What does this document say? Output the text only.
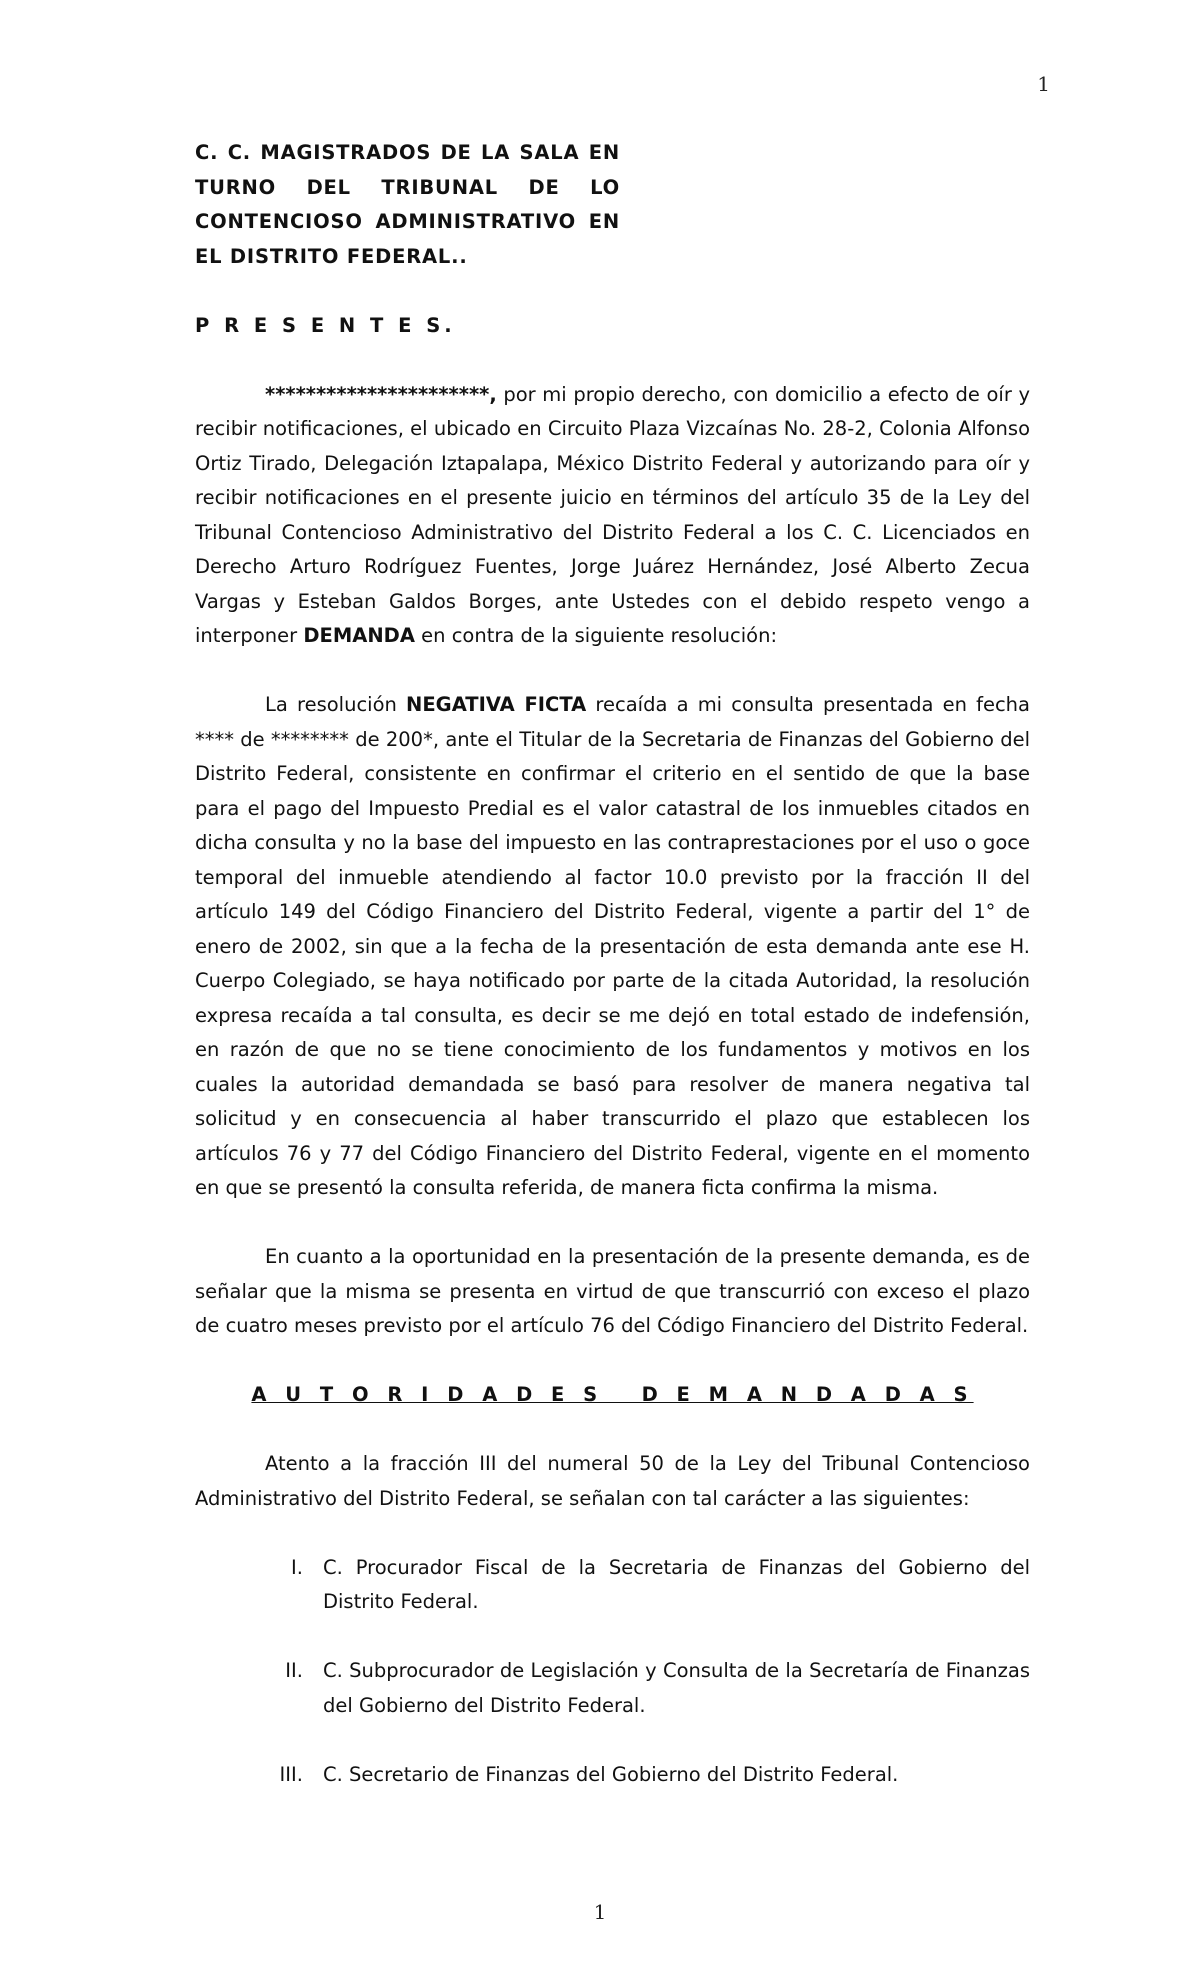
1
C. C. MAGISTRADOS DE LA SALA EN
TURNO DEL TRIBUNAL DE LO
CONTENCIOSO ADMINISTRATIVO EN
EL DISTRITO FEDERAL..
P R E S E N T E S.

**********************, por mi propio derecho, con domicilio a efecto de oír y recibir notificaciones, el ubicado en Circuito Plaza Vizcaínas No. 28-2, Colonia Alfonso Ortiz Tirado, Delegación Iztapalapa, México Distrito Federal y autorizando para oír y recibir notificaciones en el presente juicio en términos del artículo 35 de la Ley del Tribunal Contencioso Administrativo del Distrito Federal a los C. C. Licenciados en Derecho Arturo Rodríguez Fuentes, Jorge Juárez Hernández, José Alberto Zecua Vargas y Esteban Galdos Borges, ante Ustedes con el debido respeto vengo a interponer DEMANDA en contra de la siguiente resolución:

La resolución NEGATIVA FICTA recaída a mi consulta presentada en fecha **** de ******** de 200*, ante el Titular de la Secretaria de Finanzas del Gobierno del Distrito Federal, consistente en confirmar el criterio en el sentido de que la base para el pago del Impuesto Predial es el valor catastral de los inmuebles citados en dicha consulta y no la base del impuesto en las contraprestaciones por el uso o goce temporal del inmueble atendiendo al factor 10.0 previsto por la fracción II del artículo 149 del Código Financiero del Distrito Federal, vigente a partir del 1° de enero de 2002, sin que a la fecha de la presentación de esta demanda ante ese H. Cuerpo Colegiado, se haya notificado por parte de la citada Autoridad, la resolución expresa recaída a tal consulta, es decir se me dejó en total estado de indefensión, en razón de que no se tiene conocimiento de los fundamentos y motivos en los cuales la autoridad demandada se basó para resolver de manera negativa tal solicitud y en consecuencia al haber transcurrido el plazo que establecen los artículos 76 y 77 del Código Financiero del Distrito Federal, vigente en el momento en que se presentó la consulta referida, de manera ficta confirma la misma.

En cuanto a la oportunidad en la presentación de la presente demanda, es de señalar que la misma se presenta en virtud de que transcurrió con exceso el plazo de cuatro meses previsto por el artículo 76 del Código Financiero del Distrito Federal.

A U T O R I D A D E S   D E M A N D A D A S

Atento a la fracción III del numeral 50 de la Ley del Tribunal Contencioso Administrativo del Distrito Federal, se señalan con tal carácter a las siguientes:

I.	C. Procurador Fiscal de la Secretaria de Finanzas del Gobierno del Distrito Federal.
II.	C. Subprocurador de Legislación y Consulta de la Secretaría de Finanzas del Gobierno del Distrito Federal.
III.	C. Secretario de Finanzas del Gobierno del Distrito Federal.
1
